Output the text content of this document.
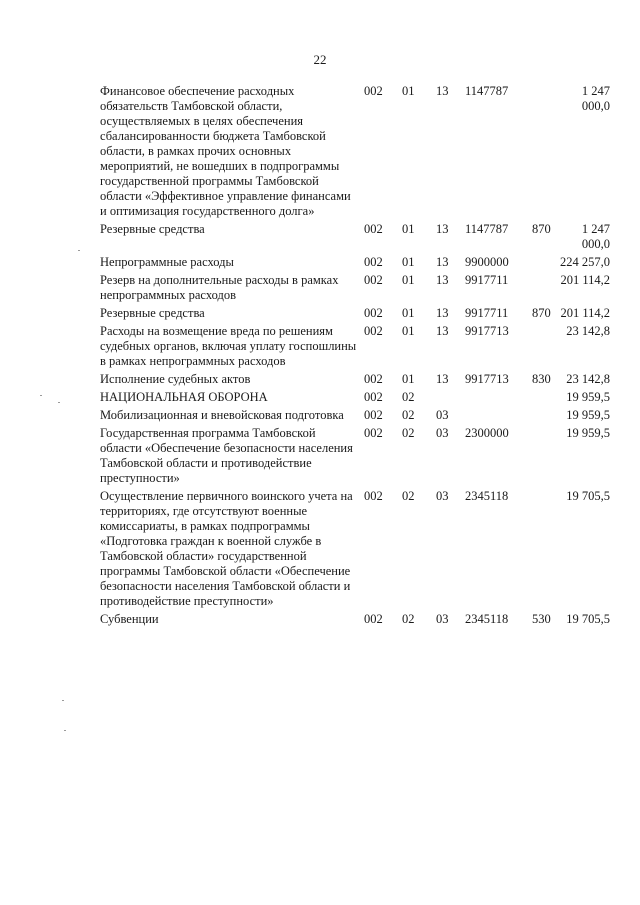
22
Финансовое обеспечение расходных обязательств Тамбовской области, осуществляемых в целях обеспечения сбалансированности бюджета Тамбовской области, в рамках прочих основных мероприятий, не вошедших в подпрограммы государственной программы Тамбовской области «Эффективное управление финансами и оптимизация государственного долга»	002	01	13	1147787		1 247 000,0
Резервные средства	002	01	13	1147787	870	1 247 000,0
Непрограммные расходы	002	01	13	9900000		224 257,0
Резерв на дополнительные расходы в рамках непрограммных расходов	002	01	13	9917711		201 114,2
Резервные средства	002	01	13	9917711	870	201 114,2
Расходы на возмещение вреда по решениям судебных органов, включая уплату госпошлины в рамках непрограммных расходов	002	01	13	9917713		23 142,8
Исполнение судебных актов	002	01	13	9917713	830	23 142,8
НАЦИОНАЛЬНАЯ ОБОРОНА	002	02				19 959,5
Мобилизационная и вневойсковая подготовка	002	02	03			19 959,5
Государственная программа Тамбовской области «Обеспечение безопасности населения Тамбовской области и противодействие преступности»	002	02	03	2300000		19 959,5
Осуществление первичного воинского учета на территориях, где отсутствуют военные комиссариаты, в рамках подпрограммы «Подготовка граждан к военной службе в Тамбовской области» государственной программы Тамбовской области «Обеспечение безопасности населения Тамбовской области и противодействие преступности»	002	02	03	2345118		19 705,5
Субвенции	002	02	03	2345118	530	19 705,5
